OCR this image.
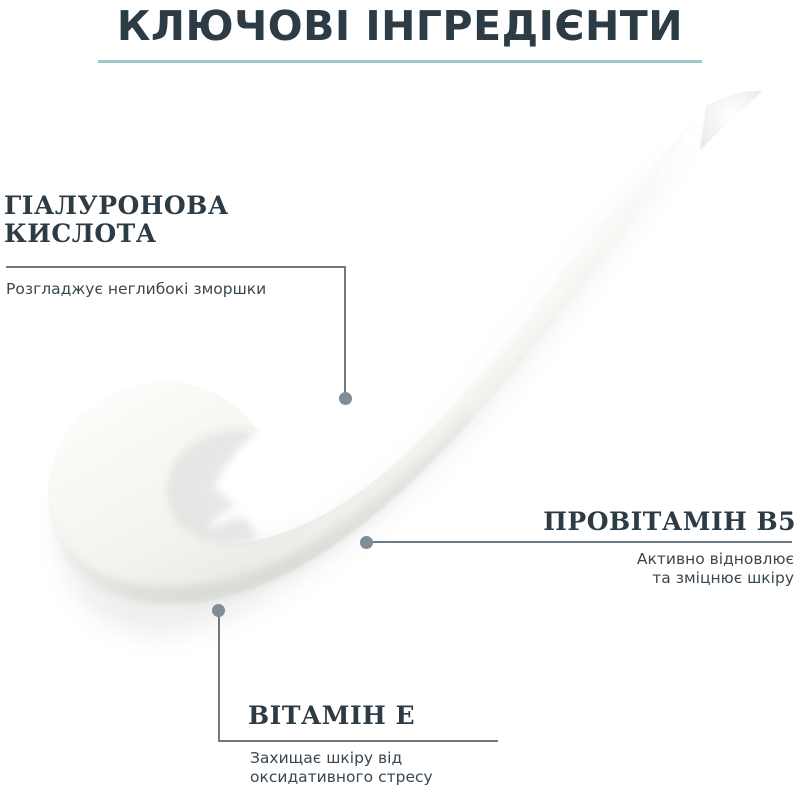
КЛЮЧОВІ ІНГРЕДІЄНТИ
ГІАЛУРОНОВА
КИСЛОТА
Розгладжує неглибокі зморшки
ПРОВІТАМІН B5
Активно відновлює
та зміцнює шкіру
ВІТАМІН Е
Захищає шкіру від
оксидативного стресу
